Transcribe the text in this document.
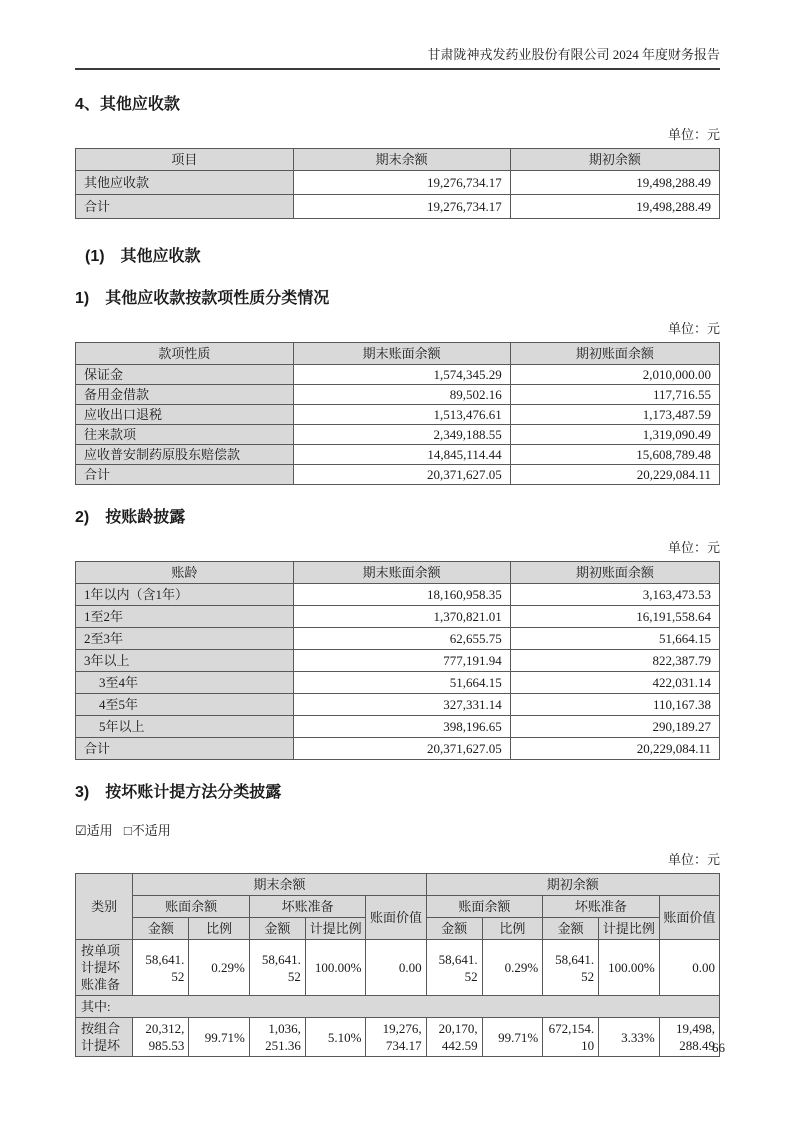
甘肃陇神戎发药业股份有限公司 2024 年度财务报告
4、其他应收款
单位：元
项目	期末余额	期初余额
其他应收款	19,276,734.17	19,498,288.49
合计	19,276,734.17	19,498,288.49
(1)　其他应收款
1)　其他应收款按款项性质分类情况
单位：元
款项性质	期末账面余额	期初账面余额
保证金	1,574,345.29	2,010,000.00
备用金借款	89,502.16	117,716.55
应收出口退税	1,513,476.61	1,173,487.59
往来款项	2,349,188.55	1,319,090.49
应收普安制药原股东赔偿款	14,845,114.44	15,608,789.48
合计	20,371,627.05	20,229,084.11
2)　按账龄披露
单位：元
账龄	期末账面余额	期初账面余额
1年以内（含1年）	18,160,958.35	3,163,473.53
1至2年	1,370,821.01	16,191,558.64
2至3年	62,655.75	51,664.15
3年以上	777,191.94	822,387.79
3至4年	51,664.15	422,031.14
4至5年	327,331.14	110,167.38
5年以上	398,196.65	290,189.27
合计	20,371,627.05	20,229,084.11
3)　按坏账计提方法分类披露
☑适用 □不适用
单位：元
类别	期末余额					期初余额				
	账面余额		坏账准备		账面价值	账面余额		坏账准备		账面价值
	金额	比例	金额	计提比例		金额	比例	金额	计提比例	
按单项计提坏账准备	58,​641.​52	0.29%	58,​641.​52	100.00%	0.​00	58,​641.​52	0.29%	58,​641.​52	100.00%	0.​00
其中:										
按组合计提坏	20,​312,​985.​53	99.71%	1,​036,​251.​36	5.10%	19,​276,​734.​17	20,​170,​442.​59	99.71%	672,​154.​10	3.33%	19,​498,​288.​49
66
